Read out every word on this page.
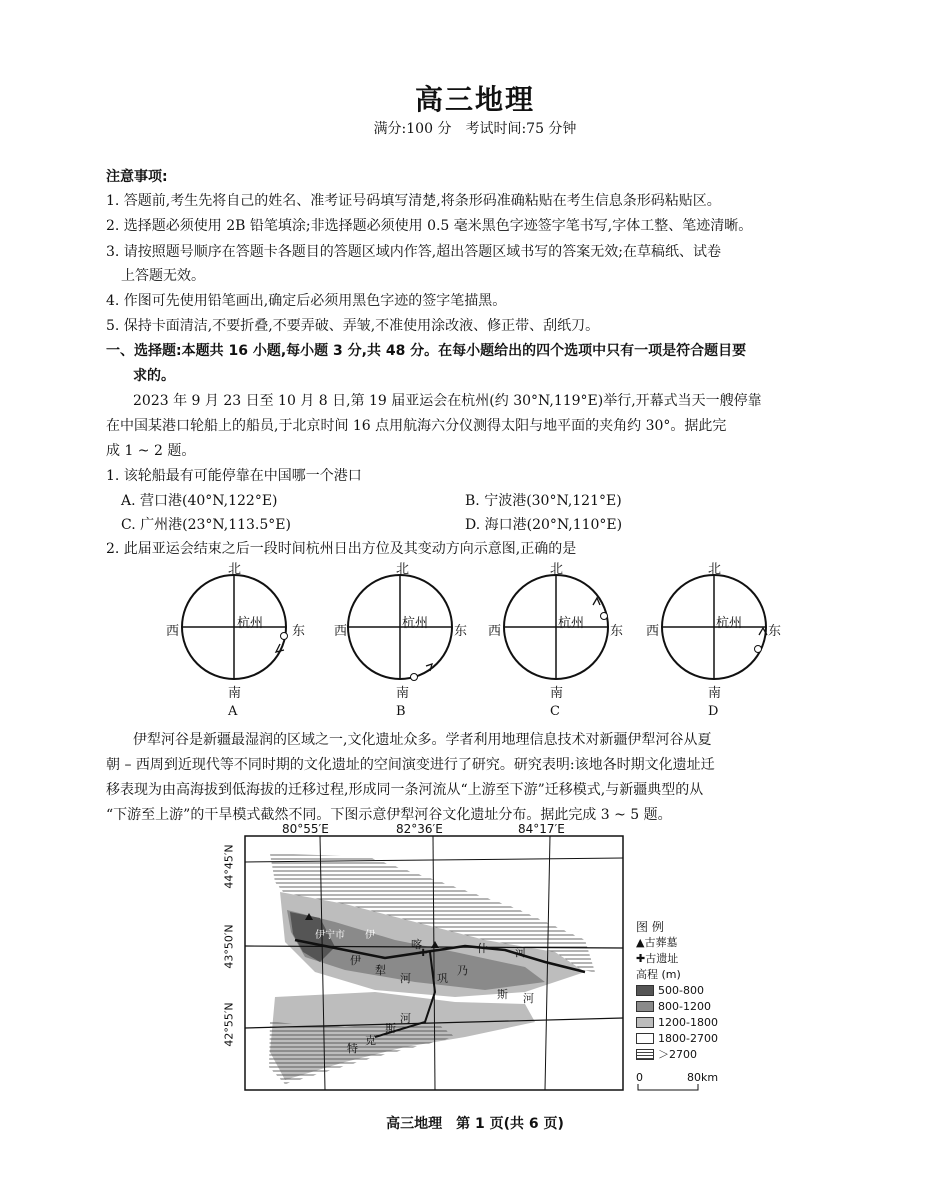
高三地理
满分:100 分　考试时间:75 分钟
注意事项:
1. 答题前,考生先将自己的姓名、准考证号码填写清楚,将条形码准确粘贴在考生信息条形码粘贴区。
2. 选择题必须使用 2B 铅笔填涂;非选择题必须使用 0.5 毫米黑色字迹签字笔书写,字体工整、笔迹清晰。
3. 请按照题号顺序在答题卡各题目的答题区域内作答,超出答题区域书写的答案无效;在草稿纸、试卷
上答题无效。
4. 作图可先使用铅笔画出,确定后必须用黑色字迹的签字笔描黑。
5. 保持卡面清洁,不要折叠,不要弄破、弄皱,不准使用涂改液、修正带、刮纸刀。
一、选择题:本题共 16 小题,每小题 3 分,共 48 分。在每小题给出的四个选项中只有一项是符合题目要
求的。
2023 年 9 月 23 日至 10 月 8 日,第 19 届亚运会在杭州(约 30°N,119°E)举行,开幕式当天一艘停靠
在中国某港口轮船上的船员,于北京时间 16 点用航海六分仪测得太阳与地平面的夹角约 30°。据此完
成 1 ~ 2 题。
1. 该轮船最有可能停靠在中国哪一个港口
A. 营口港(40°N,122°E)	B. 宁波港(30°N,121°E)
C. 广州港(23°N,113.5°E)	D. 海口港(20°N,110°E)
2. 此届亚运会结束之后一段时间杭州日出方位及其变动方向示意图,正确的是
北
南
西	东
杭州
A
北
南
西	东
杭州
B
北
南
西	东
杭州
C
北
南
西	东
杭州
D
伊犁河谷是新疆最湿润的区域之一,文化遗址众多。学者利用地理信息技术对新疆伊犁河谷从夏
朝 – 西周到近现代等不同时期的文化遗址的空间演变进行了研究。研究表明:该地各时期文化遗址迁
移表现为由高海拔到低海拔的迁移过程,形成同一条河流从“上游至下游”迁移模式,与新疆典型的从
“下游至上游”的干旱模式截然不同。下图示意伊犁河谷文化遗址分布。据此完成 3 ~ 5 题。
80°55′E	82°36′E	84°17′E
44°45′N
43°50′N
42°55′N
✚
伊宁市 伊
伊
犁
河 巩
乃
斯 河
喀	什 河
特
克
斯
河
图 例
▲古葬墓
✚古遗址
高程 (m)
500-800
800-1200
1200-1800
1800-2700
＞2700
0	80km
高三地理　第 1 页(共 6 页)
